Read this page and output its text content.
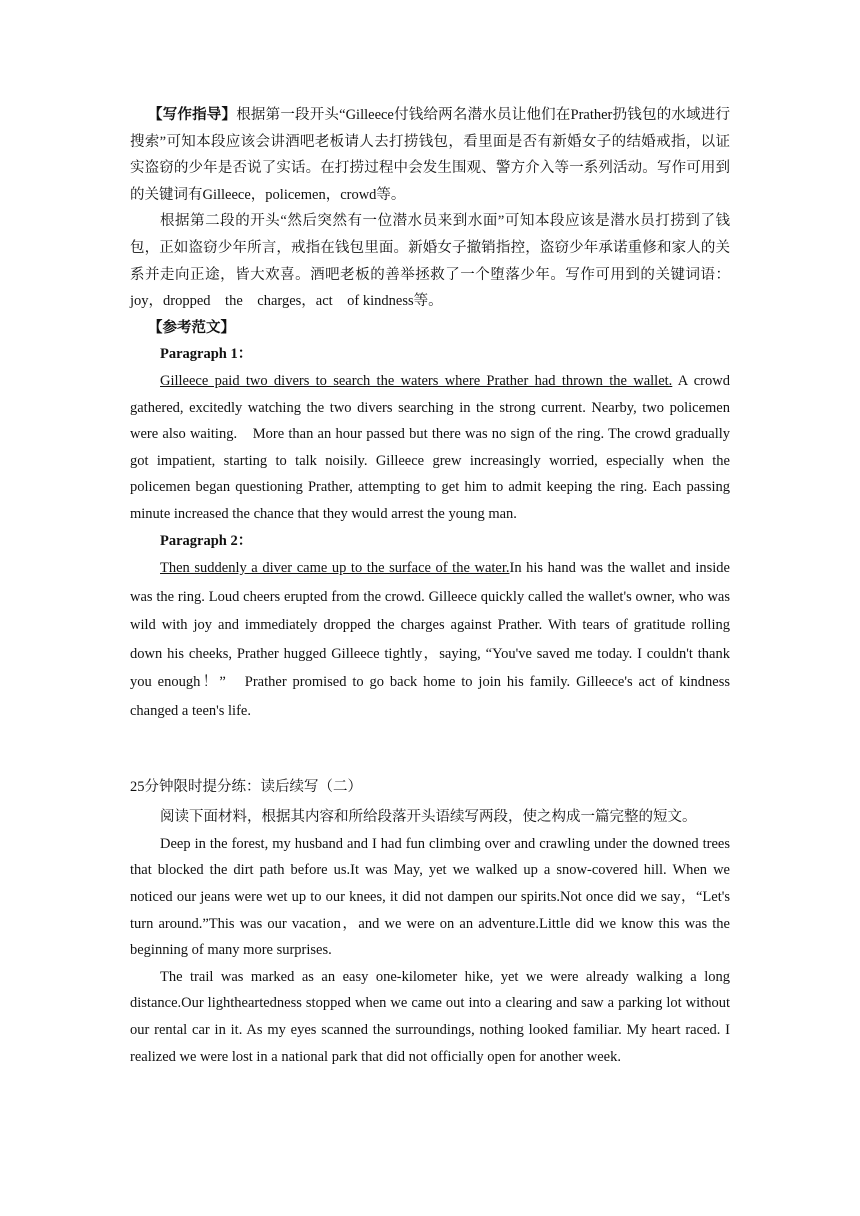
【写作指导】根据第一段开头“Gilleece付钱给两名潜水员让他们在Prather扔钱包的水域进行搜索”可知本段应该会讲酒吧老板请人去打捞钱包，看里面是否有新婚女子的结婚戒指，以证实盗窃的少年是否说了实话。在打捞过程中会发生围观、警方介入等一系列活动。写作可用到的关键词有Gilleece，policemen，crowd等。

根据第二段的开头“然后突然有一位潜水员来到水面”可知本段应该是潜水员打捞到了钱包，正如盗窃少年所言，戒指在钱包里面。新婚女子撤销指控，盗窃少年承诺重修和家人的关系并走向正途，皆大欢喜。酒吧老板的善举拯救了一个堕落少年。写作可用到的关键词语：joy，dropped　the　charges，act　of kindness等。

【参考范文】

Paragraph 1：

Gilleece paid two divers to search the waters where Prather had thrown the wallet. A crowd gathered, excitedly watching the two divers searching in the strong current. Nearby, two policemen were also waiting.　More than an hour passed but there was no sign of the ring. The crowd gradually got impatient, starting to talk noisily. Gilleece grew increasingly worried, especially when the policemen began questioning Prather, attempting to get him to admit keeping the ring. Each passing minute increased the chance that they would arrest the young man.

Paragraph 2：

Then suddenly a diver came up to the surface of the water.In his hand was the wallet and inside was the ring. Loud cheers erupted from the crowd. Gilleece quickly called the wallet's owner, who was wild with joy and immediately dropped the charges against Prather. With tears of gratitude rolling down his cheeks, Prather hugged Gilleece tightly，saying, “You've saved me today. I couldn't thank you enough！”　Prather promised to go back home to join his family. Gilleece's act of kindness changed a teen's life.

25分钟限时提分练：读后续写（二）

阅读下面材料，根据其内容和所给段落开头语续写两段，使之构成一篇完整的短文。

Deep in the forest, my husband and I had fun climbing over and crawling under the downed trees that blocked the dirt path before us.It was May, yet we walked up a snow-covered hill. When we noticed our jeans were wet up to our knees, it did not dampen our spirits.Not once did we say，“Let's turn around.”This was our vacation，and we were on an adventure.Little did we know this was the beginning of many more surprises.

The trail was marked as an easy one-kilometer hike, yet we were already walking a long distance.Our lightheartedness stopped when we came out into a clearing and saw a parking lot without our rental car in it. As my eyes scanned the surroundings, nothing looked familiar. My heart raced. I realized we were lost in a national park that did not officially open for another week.
